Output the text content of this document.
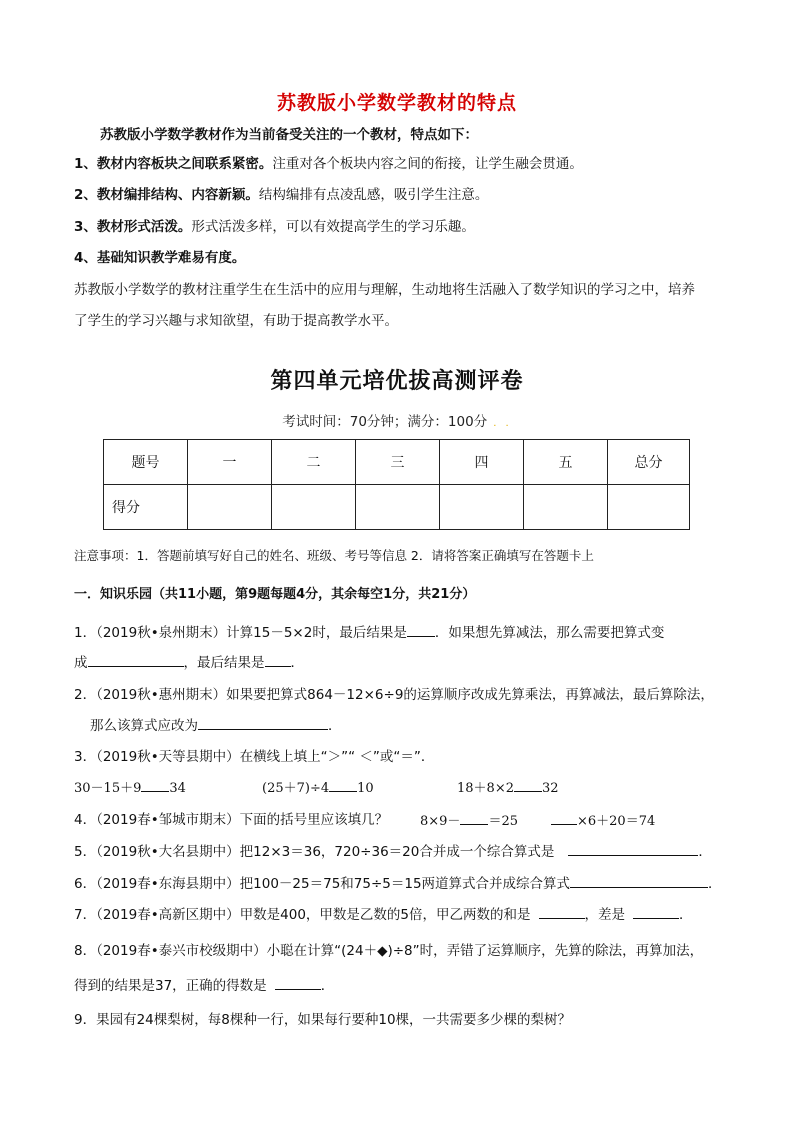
苏教版小学数学教材的特点
苏教版小学数学教材作为当前备受关注的一个教材，特点如下：
1、教材内容板块之间联系紧密。注重对各个板块内容之间的衔接，让学生融会贯通。
2、教材编排结构、内容新颖。结构编排有点凌乱感，吸引学生注意。
3、教材形式活泼。形式活泼多样，可以有效提高学生的学习乐趣。
4、基础知识教学难易有度。
苏教版小学数学的教材注重学生在生活中的应用与理解，生动地将生活融入了数学知识的学习之中，培养
了学生的学习兴趣与求知欲望，有助于提高教学水平。
第四单元培优拔高测评卷
考试时间：70分钟；满分：100分 . .
题号	一	二	三	四	五	总分
得分						
注意事项：1．答题前填写好自己的姓名、班级、考号等信息 2．请将答案正确填写在答题卡上
一．知识乐园（共11小题，第9题每题4分，其余每空1分，共21分）
1．（2019秋•泉州期末）计算15－5×2时，最后结果是 ．如果想先算减法，那么需要把算式变
成	，最后结果是 ．
2．（2019秋•惠州期末）如果要把算式864－12×6÷9的运算顺序改成先算乘法，再算减法，最后算除法，
那么该算式应改为	．
3．（2019秋•天等县期中）在横线上填上“＞”“ ＜”或“＝”．
30－15＋9 34	(25＋7)÷4 10	18＋8×2 32
4．（2019春•邹城市期末）下面的括号里应该填几？ 8×9－ ＝25	×6＋20＝74
5．（2019秋•大名县期中）把12×3＝36，720÷36＝20合并成一个综合算式是	．
6．（2019春•东海县期中）把100－25＝75和75÷5＝15两道算式合并成综合算式	．
7．（2019春•高新区期中）甲数是400，甲数是乙数的5倍，甲乙两数的和是	，差是	．
8．（2019春•泰兴市校级期中）小聪在计算“(24＋◆)÷8”时，弄错了运算顺序，先算的除法，再算加法，
得到的结果是37，正确的得数是	．
9．果园有24棵梨树，每8棵种一行，如果每行要种10棵，一共需要多少棵的梨树？
